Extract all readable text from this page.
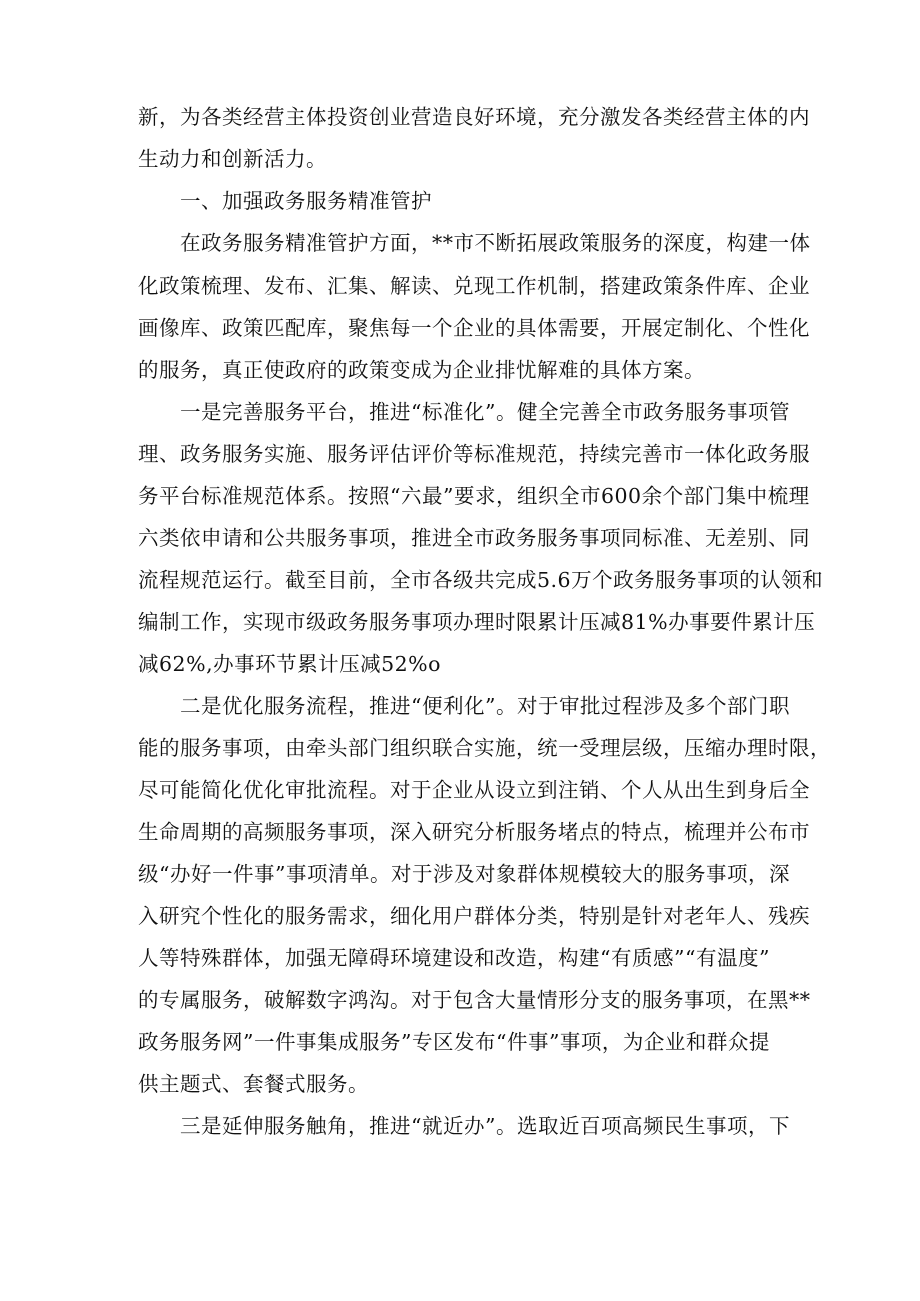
新，为各类经营主体投资创业营造良好环境，充分激发各类经营主体的内
生动力和创新活力。
一、加强政务服务精准管护
在政务服务精准管护方面，**市不断拓展政策服务的深度，构建一体
化政策梳理、发布、汇集、解读、兑现工作机制，搭建政策条件库、企业
画像库、政策匹配库，聚焦每一个企业的具体需要，开展定制化、个性化
的服务，真正使政府的政策变成为企业排忧解难的具体方案。
一是完善服务平台，推进“标准化”。健全完善全市政务服务事项管
理、政务服务实施、服务评估评价等标准规范，持续完善市一体化政务服
务平台标准规范体系。按照“六最”要求，组织全市600余个部门集中梳理
六类依申请和公共服务事项，推进全市政务服务事项同标准、无差别、同
流程规范运行。截至目前，全市各级共完成5.6万个政务服务事项的认领和
编制工作，实现市级政务服务事项办理时限累计压减81%办事要件累计压
减62%,办事环节累计压减52%o
二是优化服务流程，推进“便利化”。对于审批过程涉及多个部门职
能的服务事项，由牵头部门组织联合实施，统一受理层级，压缩办理时限，
尽可能简化优化审批流程。对于企业从设立到注销、个人从出生到身后全
生命周期的高频服务事项，深入研究分析服务堵点的特点，梳理并公布市
级“办好一件事”事项清单。对于涉及对象群体规模较大的服务事项，深
入研究个性化的服务需求，细化用户群体分类，特别是针对老年人、残疾
人等特殊群体，加强无障碍环境建设和改造，构建“有质感”“有温度”
的专属服务，破解数字鸿沟。对于包含大量情形分支的服务事项，在黑**
政务服务网”一件事集成服务”专区发布“件事”事项，为企业和群众提
供主题式、套餐式服务。
三是延伸服务触角，推进“就近办”。选取近百项高频民生事项，下
